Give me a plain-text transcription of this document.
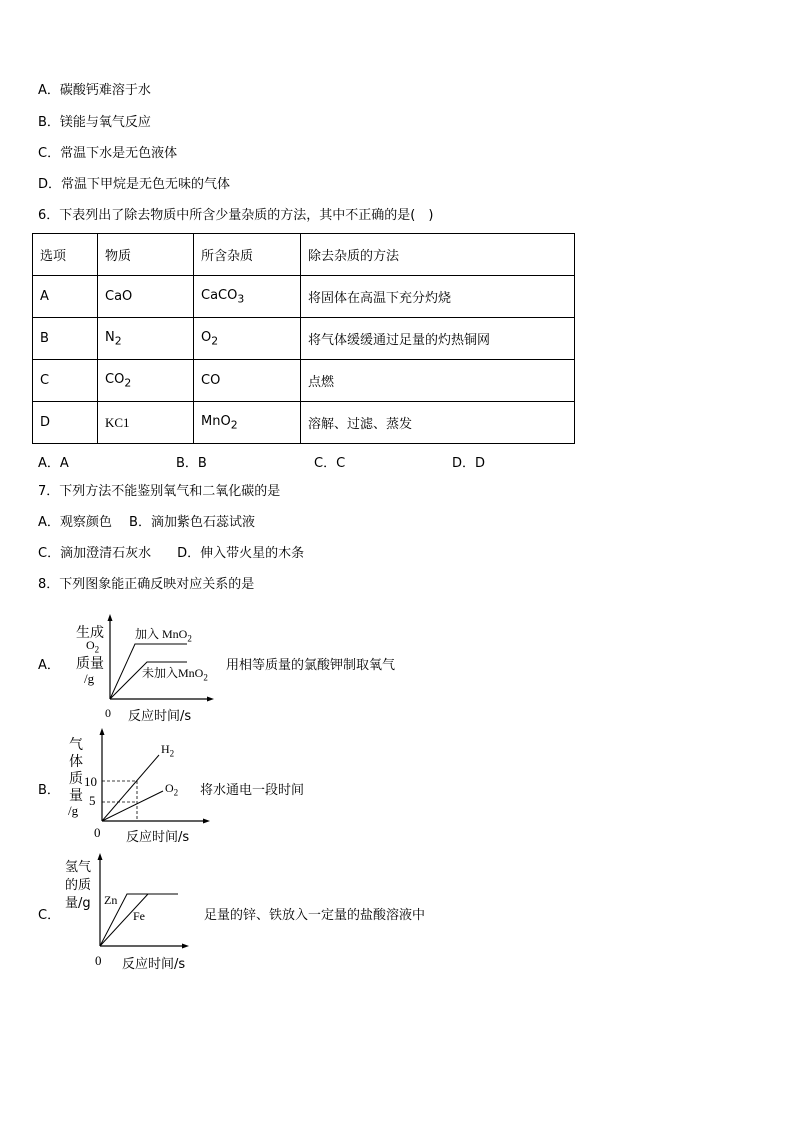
A．碳酸钙难溶于水
B．镁能与氧气反应
C．常温下水是无色液体
D．常温下甲烷是无色无味的气体
6．下表列出了除去物质中所含少量杂质的方法，其中不正确的是(　)
选项	物质	所含杂质	除去杂质的方法
A	CaO	CaCO$_3$	将固体在高温下充分灼烧
B	$N_2$	$O_2$	将气体缓缓通过足量的灼热铜网
C	$CO_2$	CO	点燃
D	KC1	MnO$_2$	溶解、过滤、蒸发
A．A	B．B	C．C	D．D
7．下列方法不能鉴别氧气和二氧化碳的是
A．观察颜色　 B．滴加紫色石蕊试液
C．滴加澄清石灰水　　D．伸入带火星的木条
8．下列图象能正确反映对应关系的是
A．
生成
$O_2$
质量
/g
加入 MnO$_2$
未加入MnO$_2$
0 反应时间/s
用相等质量的氯酸钾制取氧气
B．
气
体
质
量
/g
10
5
$H_2$
$O_2$
0 反应时间/s
将水通电一段时间
C．
氢气
的质
量/g Zn
Fe
0 反应时间/s
足量的锌、铁放入一定量的盐酸溶液中
